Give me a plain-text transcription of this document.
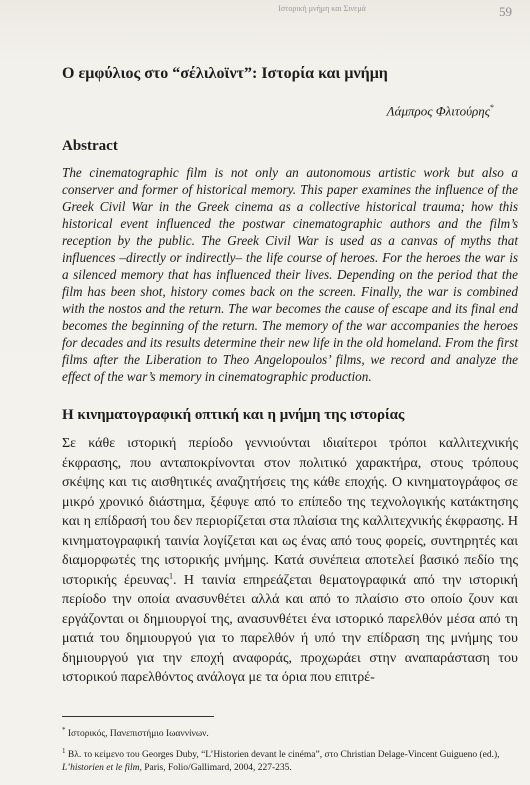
Ιστορική μνήμη και Σινεμά	59
Ο εμφύλιος στο “σέλιλοϊντ”: Ιστορία και μνήμη
Λάμπρος Φλιτούρης*
Abstract

The cinematographic film is not only an autonomous artistic work but also a conserver and former of historical memory. This paper examines the influence of the Greek Civil War in the Greek cinema as a collective historical trauma; how this historical event influenced the postwar cinematographic authors and the film’s reception by the public. The Greek Civil War is used as a canvas of myths that influences –directly or indirectly– the life course of heroes. For the heroes the war is a silenced memory that has influenced their lives. Depending on the period that the film has been shot, history comes back on the screen. Finally, the war is combined with the nostos and the return. The war becomes the cause of escape and its final end becomes the beginning of the return. The memory of the war accompanies the heroes for decades and its results determine their new life in the old homeland. From the first films after the Liberation to Theo Angelopoulos’ films, we record and analyze the effect of the war’s memory in cinematographic production.

Η κινηματογραφική οπτική και η μνήμη της ιστορίας

Σε κάθε ιστορική περίοδο γεννιούνται ιδιαίτεροι τρόποι καλλιτεχνικής έκφρασης, που ανταποκρίνονται στον πολιτικό χαρακτήρα, στους τρόπους σκέψης και τις αισθητικές αναζητήσεις της κάθε εποχής. Ο κινηματογράφος σε μικρό χρονικό διάστημα, ξέφυγε από το επίπεδο της τεχνολογικής κατάκτησης και η επίδρασή του δεν περιορίζεται στα πλαίσια της καλλιτεχνικής έκφρασης. Η κινηματογραφική ταινία λογίζεται και ως ένας από τους φορείς, συντηρητές και διαμορφωτές της ιστορικής μνήμης. Κατά συνέπεια αποτελεί βασικό πεδίο της ιστορικής έρευνας$^1$. Η ταινία επηρεάζεται θεματογραφικά από την ιστορική περίοδο την οποία ανασυνθέτει αλλά και από το πλαίσιο στο οποίο ζουν και εργάζονται οι δημιουργοί της, ανασυνθέτει ένα ιστορικό παρελθόν μέσα από τη ματιά του δημιουργού για το παρελθόν ή υπό την επίδραση της μνήμης του δημιουργού για την εποχή αναφοράς, προχωράει στην αναπαράσταση του ιστορικού παρελθόντος ανάλογα με τα όρια που επιτρέ-

* Ιστορικός, Πανεπιστήμιο Ιωαννίνων.

$^1$ Βλ. το κείμενο του Georges Duby, “L’Historien devant le cinéma”, στο Christian Delage-Vincent Guigueno (ed.), L’historien et le film, Paris, Folio/Gallimard, 2004, 227-235.
